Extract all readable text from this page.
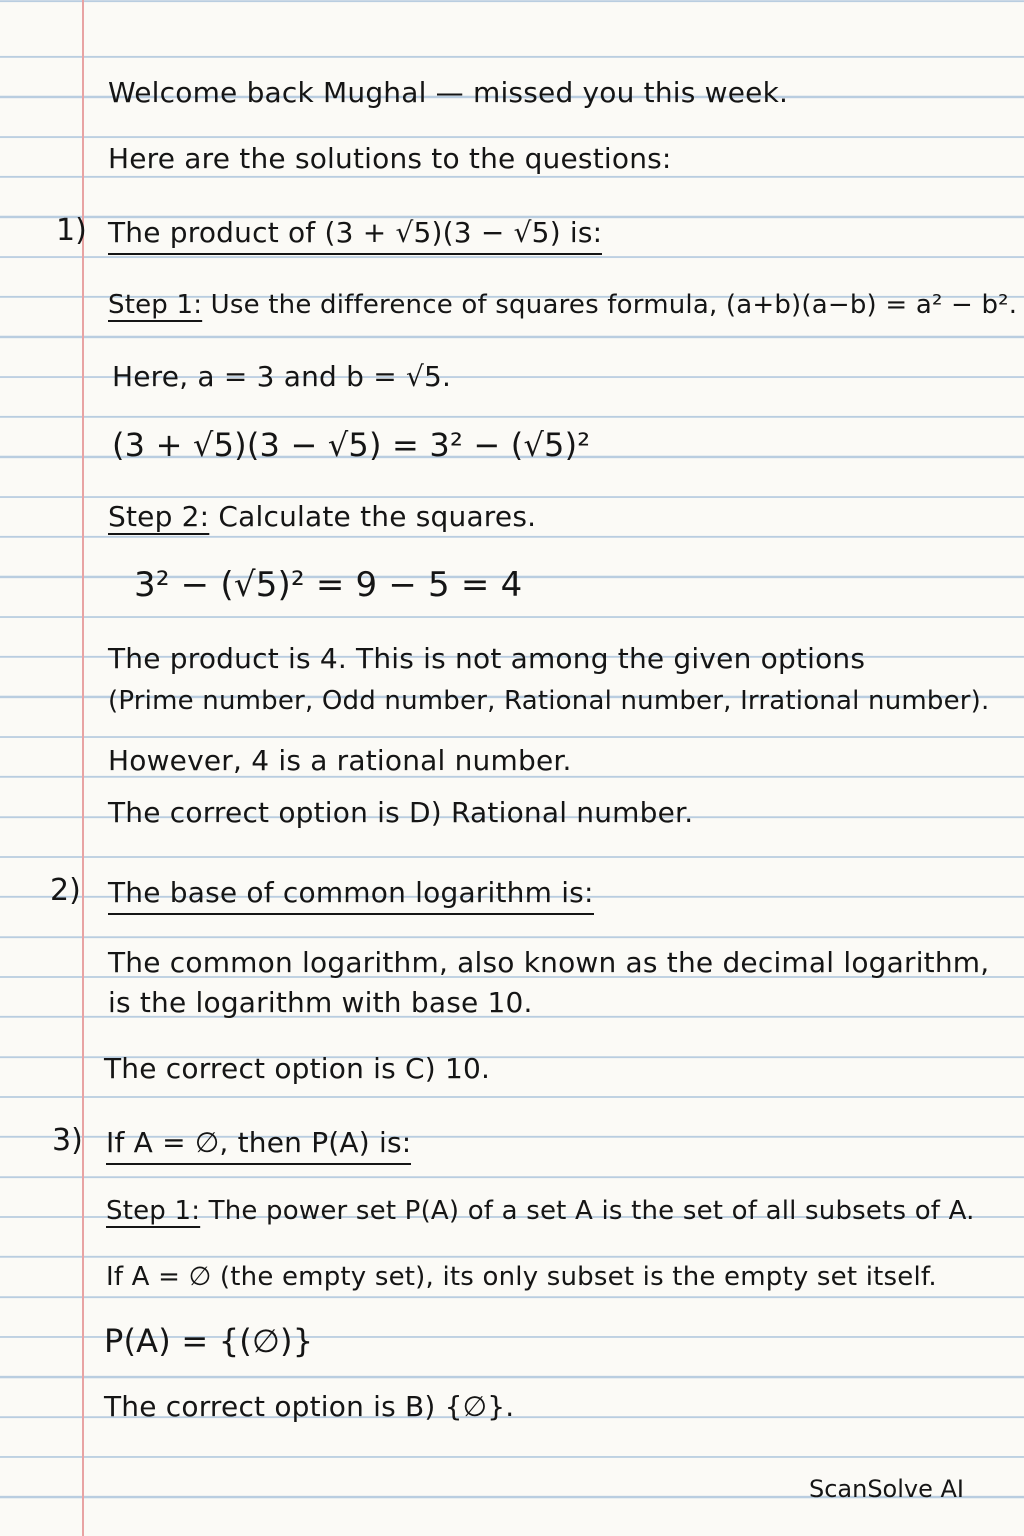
Welcome back Mughal — missed you this week.
Here are the solutions to the questions:
1) The product of (3 + √5)(3 − √5) is:
Step 1: Use the difference of squares formula, (a+b)(a−b) = a² − b².
Here, a = 3 and b = √5.
(3 + √5)(3 − √5) = 3² − (√5)²
Step 2: Calculate the squares.
3² − (√5)² = 9 − 5 = 4
The product is 4. This is not among the given options
(Prime number, Odd number, Rational number, Irrational number).
However, 4 is a rational number.
The correct option is D) Rational number.
2) The base of common logarithm is:
The common logarithm, also known as the decimal logarithm,
is the logarithm with base 10.
The correct option is C) 10.
3) If A = ∅, then P(A) is:
Step 1: The power set P(A) of a set A is the set of all subsets of A.
If A = ∅ (the empty set), its only subset is the empty set itself.
P(A) = {(∅)}
The correct option is B) {∅}.
ScanSolve AI
